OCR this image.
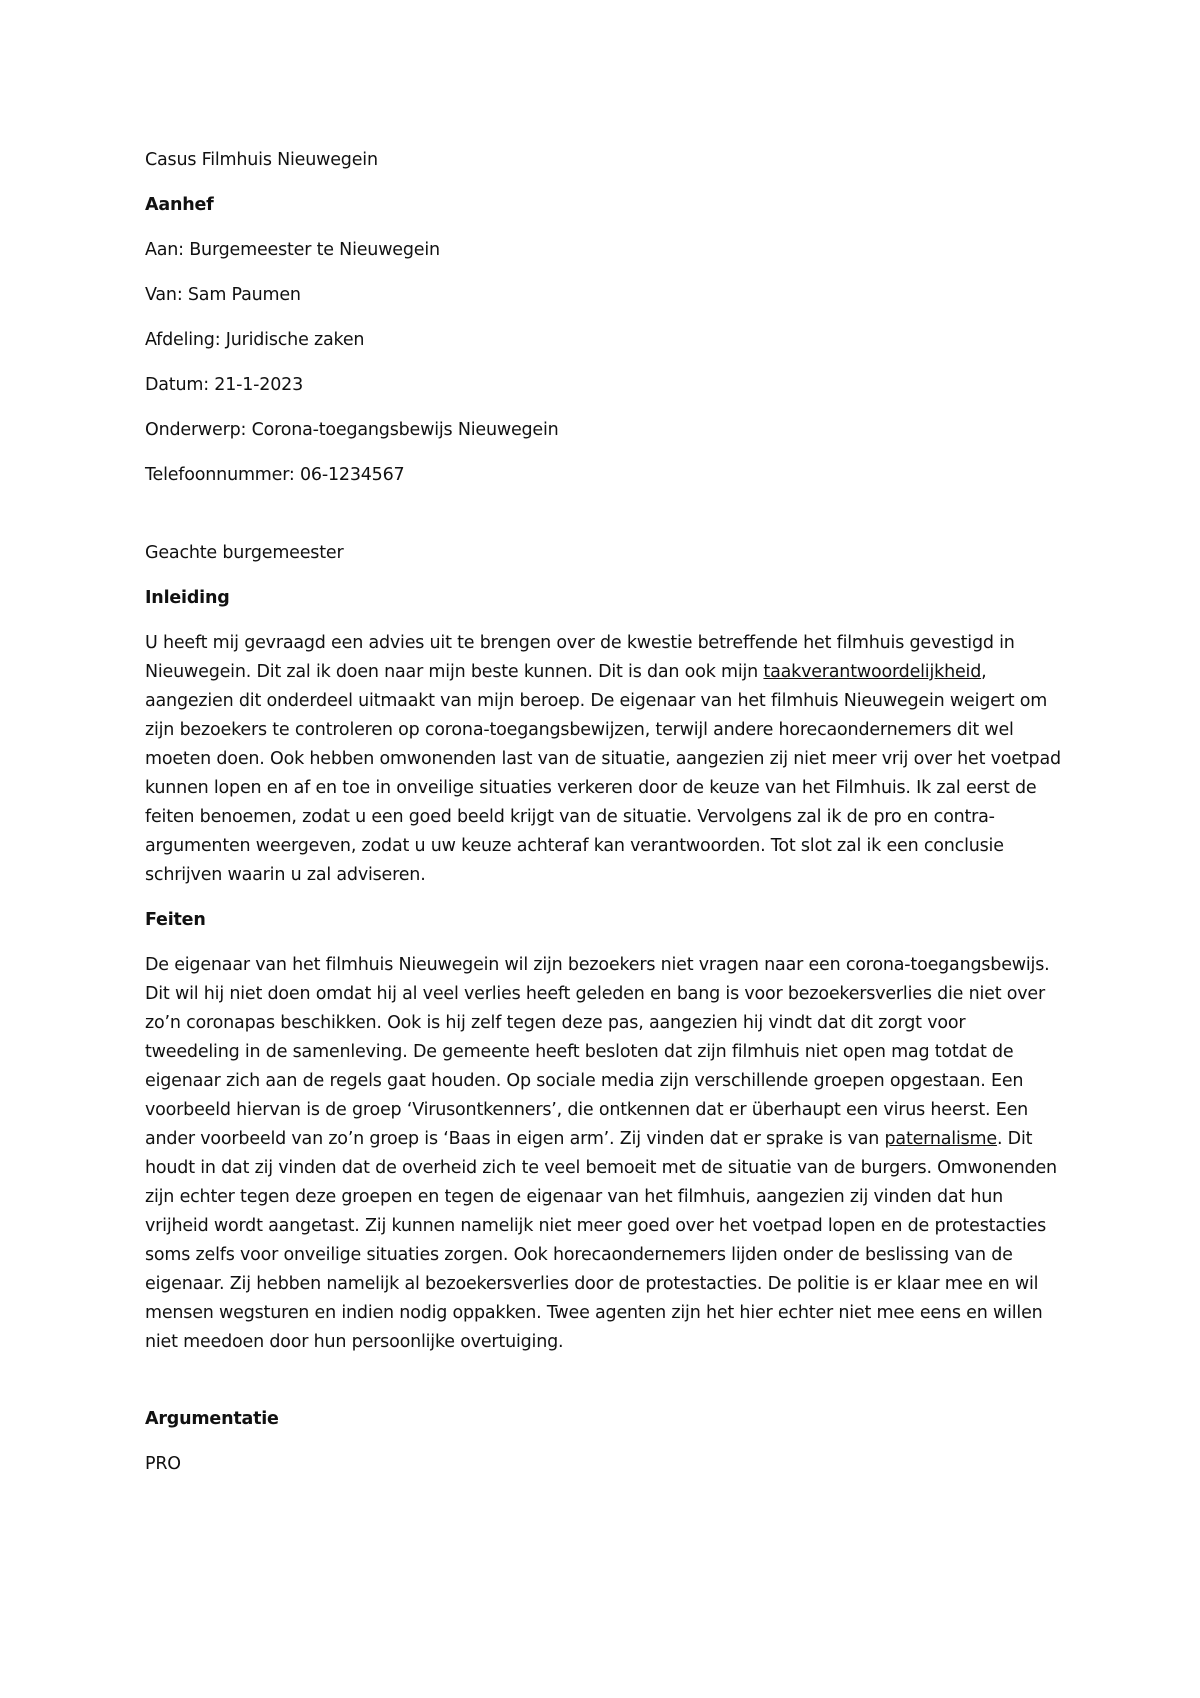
Casus Filmhuis Nieuwegein

Aanhef

Aan: Burgemeester te Nieuwegein

Van: Sam Paumen

Afdeling: Juridische zaken

Datum: 21-1-2023

Onderwerp: Corona-toegangsbewijs Nieuwegein

Telefoonnummer: 06-1234567

Geachte burgemeester

Inleiding

U heeft mij gevraagd een advies uit te brengen over de kwestie betreffende het filmhuis gevestigd in Nieuwegein. Dit zal ik doen naar mijn beste kunnen. Dit is dan ook mijn taakverantwoordelijkheid, aangezien dit onderdeel uitmaakt van mijn beroep. De eigenaar van het filmhuis Nieuwegein weigert om zijn bezoekers te controleren op corona-toegangsbewijzen, terwijl andere horecaondernemers dit wel moeten doen. Ook hebben omwonenden last van de situatie, aangezien zij niet meer vrij over het voetpad kunnen lopen en af en toe in onveilige situaties verkeren door de keuze van het Filmhuis. Ik zal eerst de feiten benoemen, zodat u een goed beeld krijgt van de situatie. Vervolgens zal ik de pro en contra- argumenten weergeven, zodat u uw keuze achteraf kan verantwoorden. Tot slot zal ik een conclusie schrijven waarin u zal adviseren.

Feiten

De eigenaar van het filmhuis Nieuwegein wil zijn bezoekers niet vragen naar een corona-toegangsbewijs. Dit wil hij niet doen omdat hij al veel verlies heeft geleden en bang is voor bezoekersverlies die niet over zo’n coronapas beschikken. Ook is hij zelf tegen deze pas, aangezien hij vindt dat dit zorgt voor tweedeling in de samenleving. De gemeente heeft besloten dat zijn filmhuis niet open mag totdat de eigenaar zich aan de regels gaat houden. Op sociale media zijn verschillende groepen opgestaan. Een voorbeeld hiervan is de groep ‘Virusontkenners’, die ontkennen dat er überhaupt een virus heerst. Een ander voorbeeld van zo’n groep is ‘Baas in eigen arm’. Zij vinden dat er sprake is van paternalisme. Dit houdt in dat zij vinden dat de overheid zich te veel bemoeit met de situatie van de burgers. Omwonenden zijn echter tegen deze groepen en tegen de eigenaar van het filmhuis, aangezien zij vinden dat hun vrijheid wordt aangetast. Zij kunnen namelijk niet meer goed over het voetpad lopen en de protestacties soms zelfs voor onveilige situaties zorgen. Ook horecaondernemers lijden onder de beslissing van de eigenaar. Zij hebben namelijk al bezoekersverlies door de protestacties. De politie is er klaar mee en wil mensen wegsturen en indien nodig oppakken. Twee agenten zijn het hier echter niet mee eens en willen niet meedoen door hun persoonlijke overtuiging.

Argumentatie

PRO
